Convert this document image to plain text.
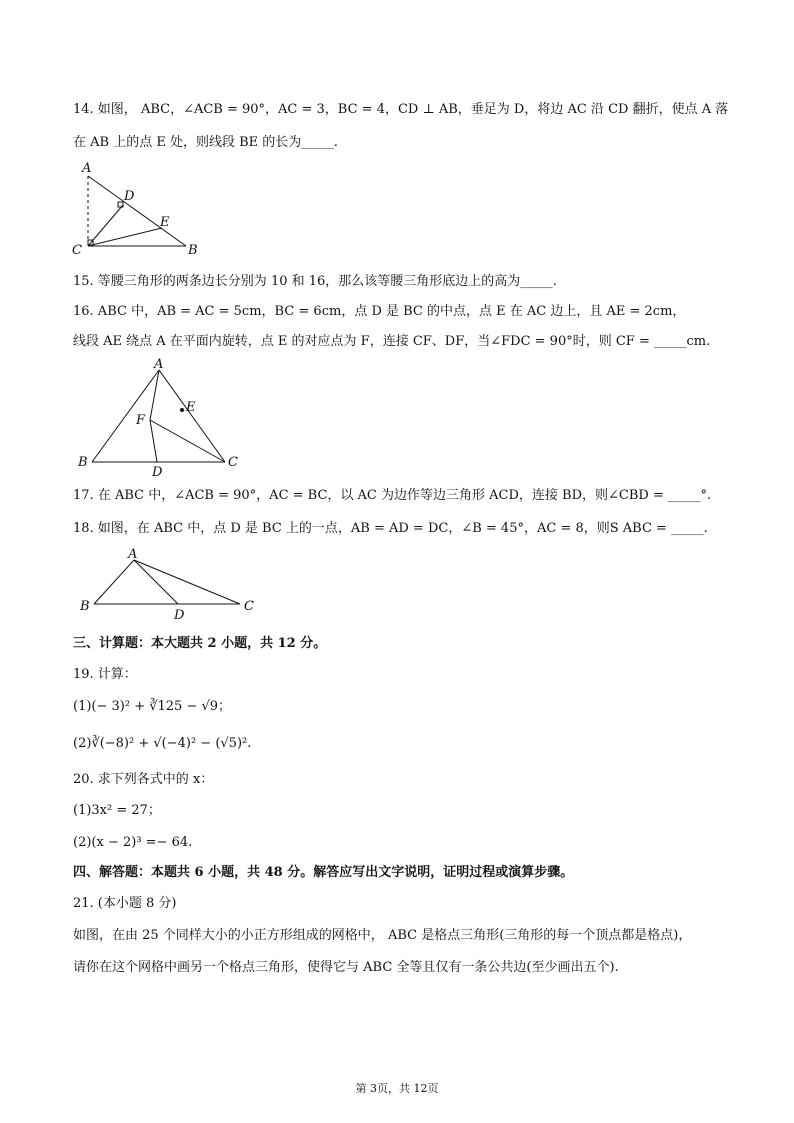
14. 如图， ABC，∠ACB = 90°，AC = 3，BC = 4，CD ⊥ AB，垂足为 D，将边 AC 沿 CD 翻折，使点 A 落
在 AB 上的点 E 处，则线段 BE 的长为_____.
A
D
E
C	B
15. 等腰三角形的两条边长分别为 10 和 16，那么该等腰三角形底边上的高为_____.
16. ABC 中，AB = AC = 5cm，BC = 6cm，点 D 是 BC 的中点，点 E 在 AC 边上，且 AE = 2cm，
线段 AE 绕点 A 在平面内旋转，点 E 的对应点为 F，连接 CF、DF，当∠FDC = 90°时，则 CF = _____cm.
A
E
F
B
D
C
17. 在 ABC 中，∠ACB = 90°，AC = BC，以 AC 为边作等边三角形 ACD，连接 BD，则∠CBD = _____°.
18. 如图，在 ABC 中，点 D 是 BC 上的一点，AB = AD = DC，∠B = 45°，AC = 8，则S ABC = _____.
A
B
D
C
三、计算题：本大题共 2 小题，共 12 分。
19. 计算：
(1)(− 3)² + ∛125 − √9；
(2)∛(−8)² + √(−4)² − (√5)².
20. 求下列各式中的 x：
(1)3x² = 27；
(2)(x − 2)³ =− 64.
四、解答题：本题共 6 小题，共 48 分。解答应写出文字说明，证明过程或演算步骤。
21. (本小题 8 分)
如图，在由 25 个同样大小的小正方形组成的网格中， ABC 是格点三角形(三角形的每一个顶点都是格点)，
请你在这个网格中画另一个格点三角形，使得它与 ABC 全等且仅有一条公共边(至少画出五个).
第 3页，共 12页
